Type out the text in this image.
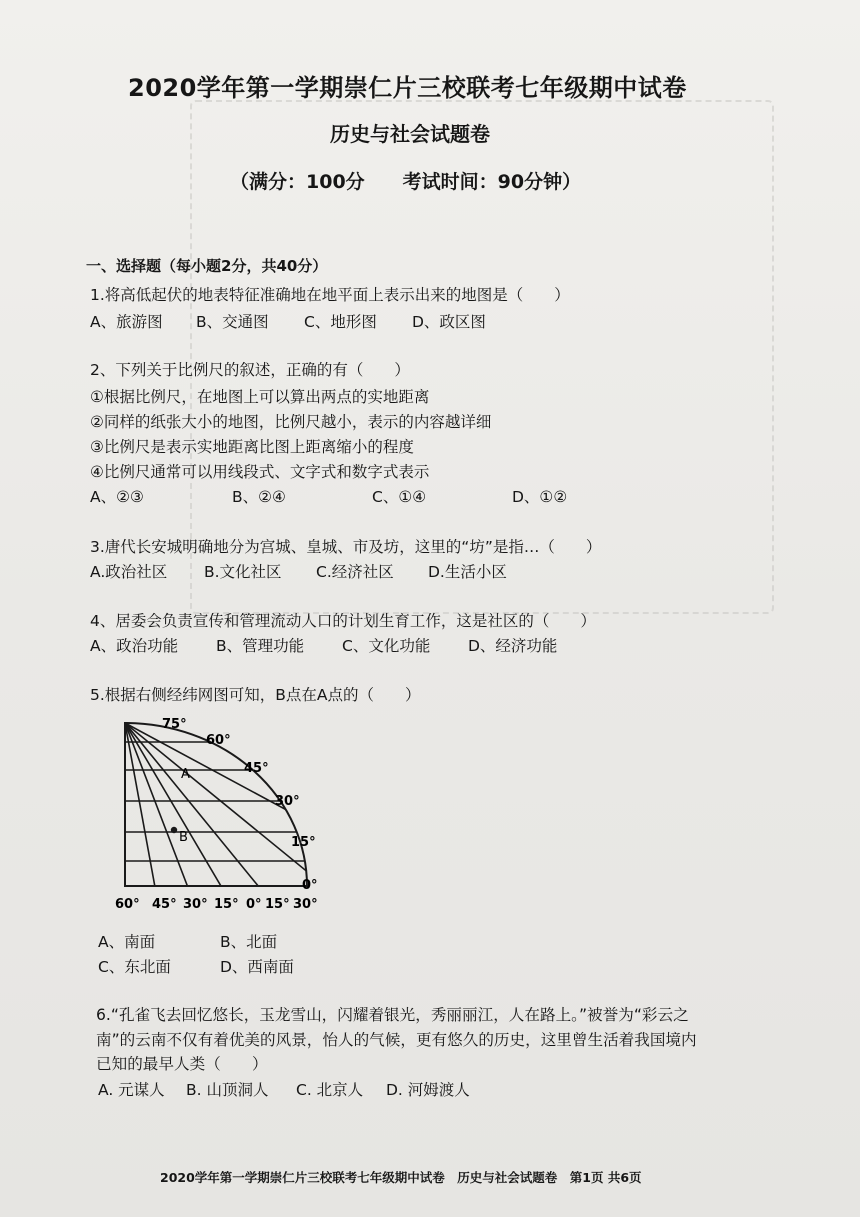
2020学年第一学期崇仁片三校联考七年级期中试卷
历史与社会试题卷
（满分：100分　　考试时间：90分钟）
一、选择题（每小题2分，共40分）
1.将高低起伏的地表特征准确地在地平面上表示出来的地图是（　　）
A、旅游图 B、交通图 C、地形图 D、政区图
2、下列关于比例尺的叙述，正确的有（　　）
①根据比例尺，在地图上可以算出两点的实地距离
②同样的纸张大小的地图，比例尺越小，表示的内容越详细
③比例尺是表示实地距离比图上距离缩小的程度
④比例尺通常可以用线段式、文字式和数字式表示
A、②③	B、②④	C、①④	D、①②
3.唐代长安城明确地分为宫城、皇城、市及坊，这里的“坊”是指…（　　）
A.政治社区 B.文化社区 C.经济社区 D.生活小区
4、居委会负责宣传和管理流动人口的计划生育工作，这是社区的（　　）
A、政治功能 B、管理功能 C、文化功能 D、经济功能
5.根据右侧经纬网图可知，B点在A点的（　　）
A
B
75°
60°
45°
30°
15°
0°
60° 45° 30° 15° 0° 15° 30°
A、南面	B、北面
C、东北面	D、西南面
6.“孔雀飞去回忆悠长，玉龙雪山，闪耀着银光，秀丽丽江，人在路上。”被誉为“彩云之
南”的云南不仅有着优美的风景，怡人的气候，更有悠久的历史，这里曾生活着我国境内
已知的最早人类（　　）
A. 元谋人 B. 山顶洞人 C. 北京人 D. 河姆渡人
2020学年第一学期崇仁片三校联考七年级期中试卷　历史与社会试题卷　第1页 共6页
